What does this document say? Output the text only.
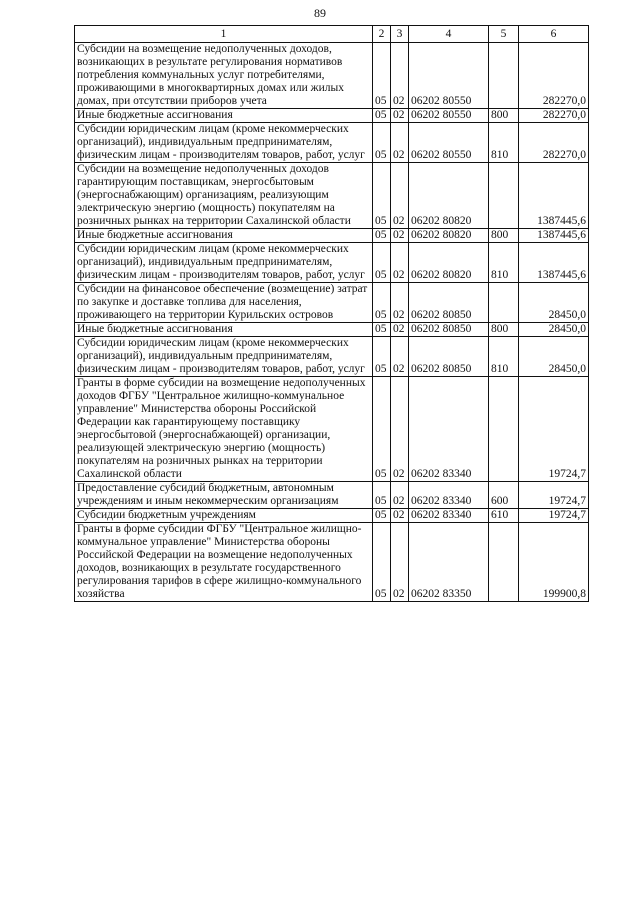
89
1	2	3	4	5	6
Субсидии на возмещение недополученных доходов, возникающих в результате регулирования нормативов потребления коммунальных услуг потребителями, проживающими в многоквартирных домах или жилых домах, при отсутствии приборов учета	05	02	06202 80550		282270,0
Иные бюджетные ассигнования	05	02	06202 80550	800	282270,0
Субсидии юридическим лицам (кроме некоммерческих организаций), индивидуальным предпринимателям, физическим лицам - производителям товаров, работ, услуг	05	02	06202 80550	810	282270,0
Субсидии на возмещение недополученных доходов гарантирующим поставщикам, энергосбытовым (энергоснабжающим) организациям, реализующим электрическую энергию (мощность) покупателям на розничных рынках на территории Сахалинской области	05	02	06202 80820		1387445,6
Иные бюджетные ассигнования	05	02	06202 80820	800	1387445,6
Субсидии юридическим лицам (кроме некоммерческих организаций), индивидуальным предпринимателям, физическим лицам - производителям товаров, работ, услуг	05	02	06202 80820	810	1387445,6
Субсидии на финансовое обеспечение (возмещение) затрат по закупке и доставке топлива для населения, проживающего на территории Курильских островов	05	02	06202 80850		28450,0
Иные бюджетные ассигнования	05	02	06202 80850	800	28450,0
Субсидии юридическим лицам (кроме некоммерческих организаций), индивидуальным предпринимателям, физическим лицам - производителям товаров, работ, услуг	05	02	06202 80850	810	28450,0
Гранты в форме субсидии на возмещение недополученных доходов ФГБУ "Центральное жилищно-коммунальное управление" Министерства обороны Российской Федерации как гарантирующему поставщику энергосбытовой (энергоснабжающей) организации, реализующей электрическую энергию (мощность) покупателям на розничных рынках на территории Сахалинской области	05	02	06202 83340		19724,7
Предоставление субсидий бюджетным, автономным учреждениям и иным некоммерческим организациям	05	02	06202 83340	600	19724,7
Субсидии бюджетным учреждениям	05	02	06202 83340	610	19724,7
Гранты в форме субсидии ФГБУ "Центральное жилищно-коммунальное управление" Министерства обороны Российской Федерации на возмещение недополученных доходов, возникающих в результате государственного регулирования тарифов в сфере жилищно-коммунального хозяйства	05	02	06202 83350		199900,8
